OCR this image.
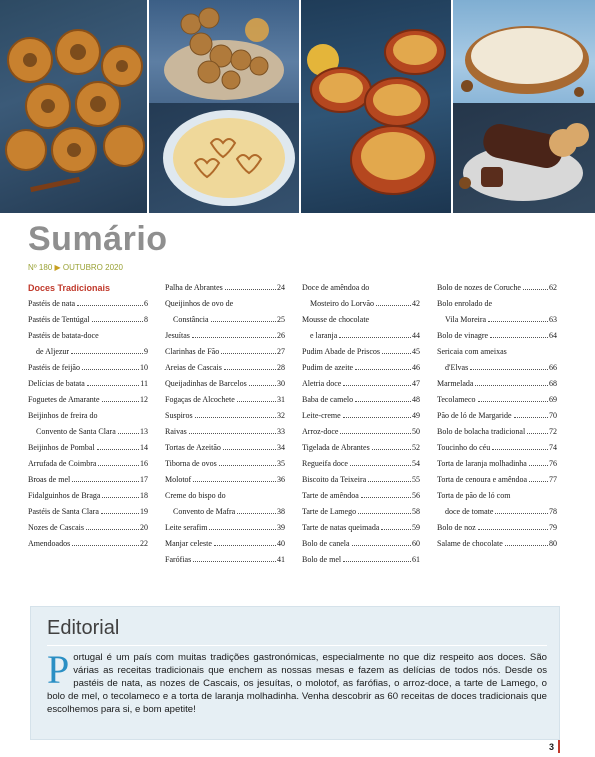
Sumário
Nº 180 ▶ OUTUBRO 2020
Doces Tradicionais
Pastéis de nata	6
Pastéis de Tentúgal	8
Pastéis de batata-doce
de Aljezur	9
Pastéis de feijão	10
Delícias de batata	11
Foguetes de Amarante	12
Beijinhos de freira do
Convento de Santa Clara	13
Beijinhos de Pombal	14
Arrufada de Coimbra	16
Broas de mel	17
Fidalguinhos de Braga	18
Pastéis de Santa Clara	19
Nozes de Cascais	20
Amendoados	22
Palha de Abrantes	24
Queijinhos de ovo de
Constância	25
Jesuítas	26
Clarinhas de Fão	27
Areias de Cascais	28
Queijadinhas de Barcelos	30
Fogaças de Alcochete	31
Suspiros	32
Raivas	33
Tortas de Azeitão	34
Tiborna de ovos	35
Molotof	36
Creme do bispo do
Convento de Mafra	38
Leite serafim	39
Manjar celeste	40
Farófias	41
Doce de amêndoa do
Mosteiro do Lorvão	42
Mousse de chocolate
e laranja	44
Pudim Abade de Priscos	45
Pudim de azeite	46
Aletria doce	47
Baba de camelo	48
Leite-creme	49
Arroz-doce	50
Tigelada de Abrantes	52
Regueifa doce	54
Biscoito da Teixeira	55
Tarte de amêndoa	56
Tarte de Lamego	58
Tarte de natas queimada	59
Bolo de canela	60
Bolo de mel	61
Bolo de nozes de Coruche	62
Bolo enrolado de
Vila Moreira	63
Bolo de vinagre	64
Sericaia com ameixas
d'Elvas	66
Marmelada	68
Tecolameco	69
Pão de ló de Margaride	70
Bolo de bolacha tradicional	72
Toucinho do céu	74
Torta de laranja molhadinha	76
Torta de cenoura e amêndoa	77
Torta de pão de ló com
doce de tomate	78
Bolo de noz	79
Salame de chocolate	80
Editorial
P ortugal é um país com muitas tradições gastronómicas, especialmente no que diz respeito aos doces. São várias as receitas tradicionais que enchem as nossas mesas e fazem as delícias de todos nós. Desde os pastéis de nata, as nozes de Cascais, os jesuítas, o molotof, as farófias, o arroz-doce, a tarte de Lamego, o bolo de mel, o tecolameco e a torta de laranja molhadinha. Venha descobrir as 60 receitas de doces tradicionais que escolhemos para si, e bom apetite!
3
